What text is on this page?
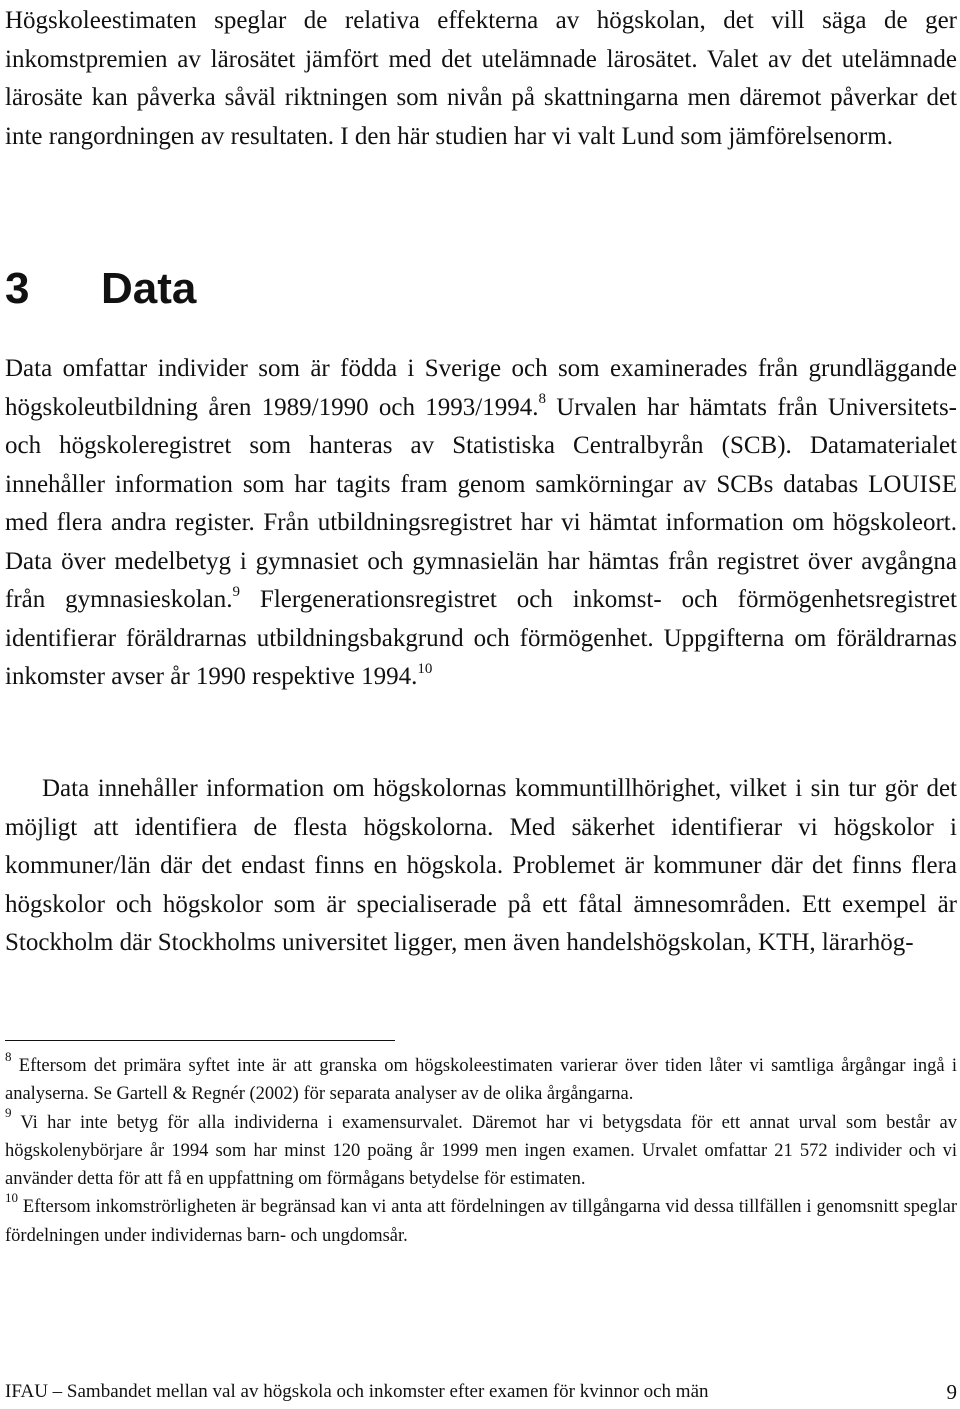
Högskoleestimaten speglar de relativa effekterna av högskolan, det vill säga de ger inkomstpremien av lärosätet jämfört med det utelämnade lärosätet. Valet av det utelämnade lärosäte kan påverka såväl riktningen som nivån på skattningarna men däremot påverkar det inte rangordningen av resultaten. I den här studien har vi valt Lund som jämförelsenorm.

3 Data

Data omfattar individer som är födda i Sverige och som examinerades från grundläggande högskoleutbildning åren 1989/1990 och 1993/1994.$^8$ Urvalen har hämtats från Universitets- och högskoleregistret som hanteras av Statistiska Centralbyrån (SCB). Datamaterialet innehåller information som har tagits fram genom samkörningar av SCBs databas LOUISE med flera andra register. Från utbildningsregistret har vi hämtat information om högskoleort. Data över medelbetyg i gymnasiet och gymnasielän har hämtas från registret över avgångna från gymnasieskolan.$^9$ Flergenerationsregistret och inkomst- och förmögenhetsregistret identifierar föräldrarnas utbildningsbakgrund och förmögenhet. Uppgifterna om föräldrarnas inkomster avser år 1990 respektive 1994.10

Data innehåller information om högskolornas kommuntillhörighet, vilket i sin tur gör det möjligt att identifiera de flesta högskolorna. Med säkerhet identifierar vi högskolor i kommuner/län där det endast finns en högskola. Problemet är kommuner där det finns flera högskolor och högskolor som är specialiserade på ett fåtal ämnesområden. Ett exempel är Stockholm där Stockholms universitet ligger, men även handelshögskolan, KTH, lärarhög-

$^8$ Eftersom det primära syftet inte är att granska om högskoleestimaten varierar över tiden låter vi samtliga årgångar ingå i analyserna. Se Gartell & Regnér (2002) för separata analyser av de olika årgångarna.

$^9$ Vi har inte betyg för alla individerna i examensurvalet. Däremot har vi betygsdata för ett annat urval som består av högskolenybörjare år 1994 som har minst 120 poäng år 1999 men ingen examen. Urvalet omfattar 21 572 individer och vi använder detta för att få en uppfattning om förmågans betydelse för estimaten.

$^{10}$ Eftersom inkomströrligheten är begränsad kan vi anta att fördelningen av tillgångarna vid dessa tillfällen i genomsnitt speglar fördelningen under individernas barn- och ungdomsår.

IFAU – Sambandet mellan val av högskola och inkomster efter examen för kvinnor och män	9
